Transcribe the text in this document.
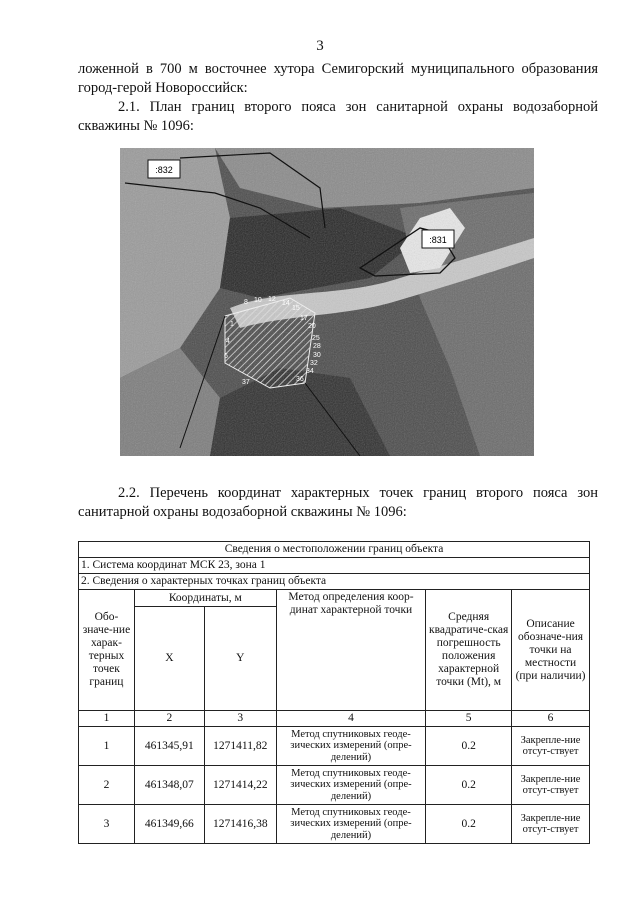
3
ложенной в 700 м восточнее хутора Семигорский муниципального образования город-герой Новороссийск:
2.1. План границ второго пояса зон санитарной охраны водозаборной скважины № 1096:
:832
:831
8 10 12
14
15
17
20
25
28
30
32
34
36
37
1
4
6
2.2. Перечень координат характерных точек границ второго пояса зон санитарной охраны водозаборной скважины № 1096:
Сведения о местоположении границ объекта					
1. Система координат МСК 23, зона 1					
2. Сведения о характерных точках границ объекта					
Обо-значе-ние харак-терных точек границ	Координаты, м		Метод определения коор-динат характерной точки	Средняя квадратиче-ская погрешность положения характерной точки (Mt), м	Описание обозначе-ния точки на местности (при наличии)
	X	Y			
1	2	3	4	5	6
1	461345,91	1271411,82	Метод спутниковых геоде-зических измерений (опре-делений)	0.2	Закрепле-ние отсут-ствует
2	461348,07	1271414,22	Метод спутниковых геоде-зических измерений (опре-делений)	0.2	Закрепле-ние отсут-ствует
3	461349,66	1271416,38	Метод спутниковых геоде-зических измерений (опре-делений)	0.2	Закрепле-ние отсут-ствует
